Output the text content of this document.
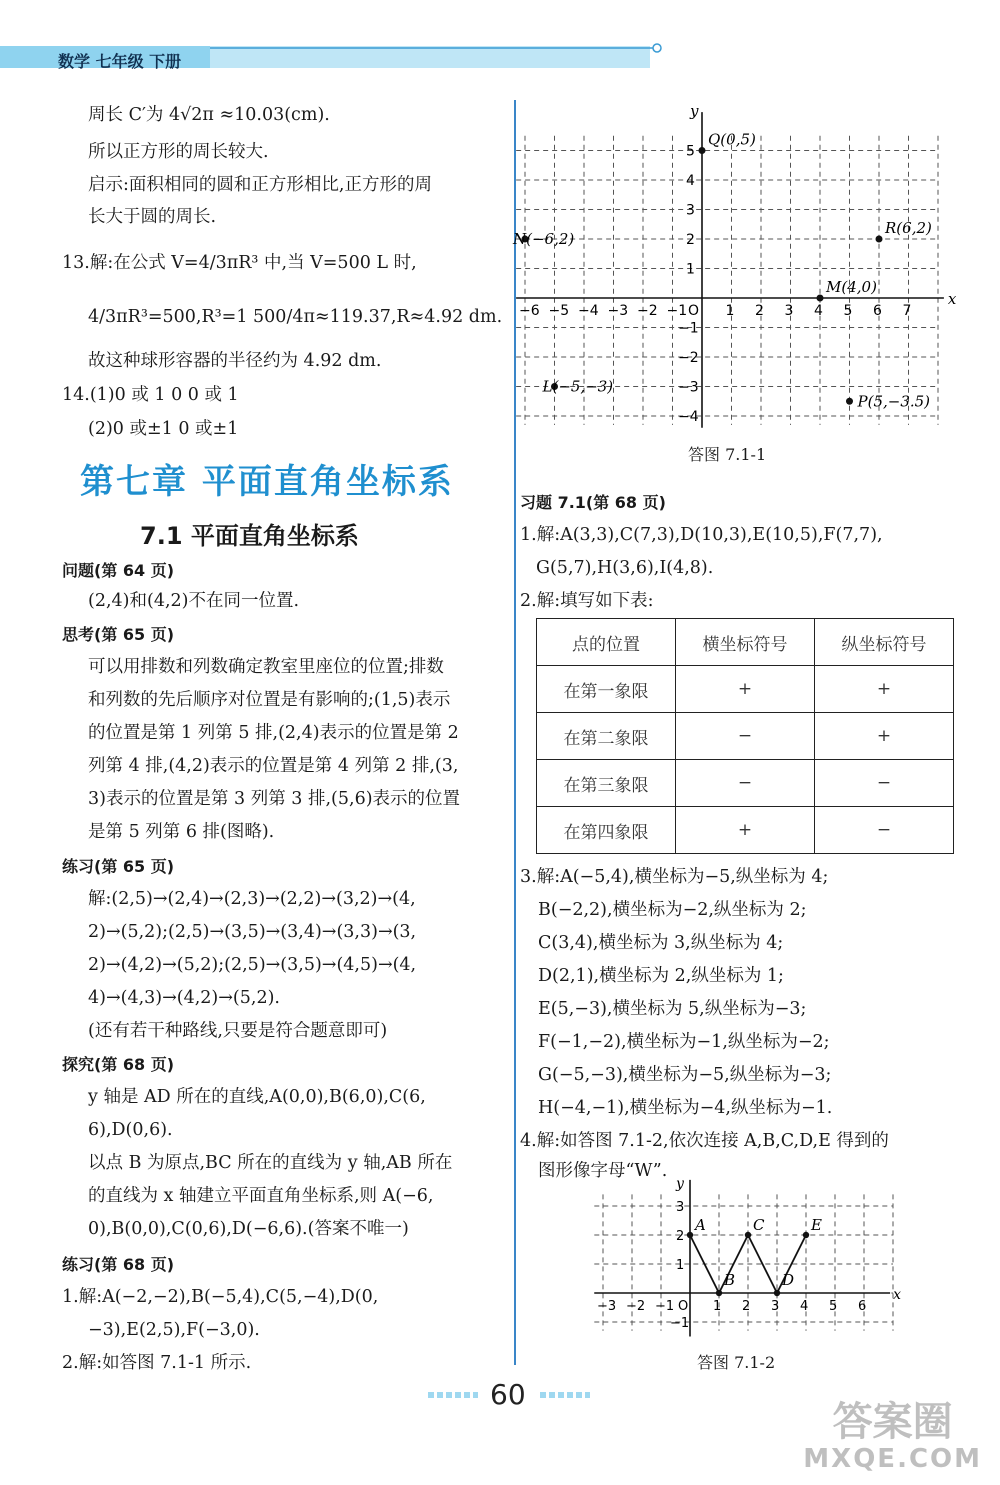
数学 七年级 下册
周长 C′为 4√2π ≈10.03(cm).
所以正方形的周长较大.
启示:面积相同的圆和正方形相比,正方形的周
长大于圆的周长.
13.解:在公式 V=4/3πR³ 中,当 V=500 L 时,
4/3πR³=500,R³=1 500/4π≈119.37,R≈4.92 dm.
故这种球形容器的半径约为 4.92 dm.
14.(1)0 或 1 0 0 或 1
(2)0 或±1 0 或±1
第七章 平面直角坐标系
7.1 平面直角坐标系
问题(第 64 页)
(2,4)和(4,2)不在同一位置.
思考(第 65 页)
可以用排数和列数确定教室里座位的位置;排数
和列数的先后顺序对位置是有影响的;(1,5)表示
的位置是第 1 列第 5 排,(2,4)表示的位置是第 2
列第 4 排,(4,2)表示的位置是第 4 列第 2 排,(3,
3)表示的位置是第 3 列第 3 排,(5,6)表示的位置
是第 5 列第 6 排(图略).
练习(第 65 页)
解:(2,5)→(2,4)→(2,3)→(2,2)→(3,2)→(4,
2)→(5,2);(2,5)→(3,5)→(3,4)→(3,3)→(3,
2)→(4,2)→(5,2);(2,5)→(3,5)→(4,5)→(4,
4)→(4,3)→(4,2)→(5,2).
(还有若干种路线,只要是符合题意即可)
探究(第 68 页)
y 轴是 AD 所在的直线,A(0,0),B(6,0),C(6,
6),D(0,6).
以点 B 为原点,BC 所在的直线为 y 轴,AB 所在
的直线为 x 轴建立平面直角坐标系,则 A(−6,
0),B(0,0),C(0,6),D(−6,6).(答案不唯一)
练习(第 68 页)
1.解:A(−2,−2),B(−5,4),C(5,−4),D(0,
−3),E(2,5),F(−3,0).
2.解:如答图 7.1-1 所示.
x
y
−6 −5 −4 −3 −2 −1 O 1 2 3 4 5 6 7
1
2
3
4
5
−1
−2
−3
−4
Q(0,5)
N(−6,2)
R(6,2)
M(4,0)
L(−5,−3)
P(5,−3.5)
答图 7.1-1
习题 7.1(第 68 页)
1.解:A(3,3),C(7,3),D(10,3),E(10,5),F(7,7),
G(5,7),H(3,6),I(4,8).
2.解:填写如下表:
点的位置	横坐标符号	纵坐标符号
在第一象限	+	+
在第二象限	−	+
在第三象限	−	−
在第四象限	+	−
3.解:A(−5,4),横坐标为−5,纵坐标为 4;
B(−2,2),横坐标为−2,纵坐标为 2;
C(3,4),横坐标为 3,纵坐标为 4;
D(2,1),横坐标为 2,纵坐标为 1;
E(5,−3),横坐标为 5,纵坐标为−3;
F(−1,−2),横坐标为−1,纵坐标为−2;
G(−5,−3),横坐标为−5,纵坐标为−3;
H(−4,−1),横坐标为−4,纵坐标为−1.
4.解:如答图 7.1-2,依次连接 A,B,C,D,E 得到的
图形像字母“W”.
x
y
−3 −2 −1 O 1 2 3 4 5 6
3
2
1
−1
A
B
C
D
E
答图 7.1-2
60
答案圈
MXQE.COM
